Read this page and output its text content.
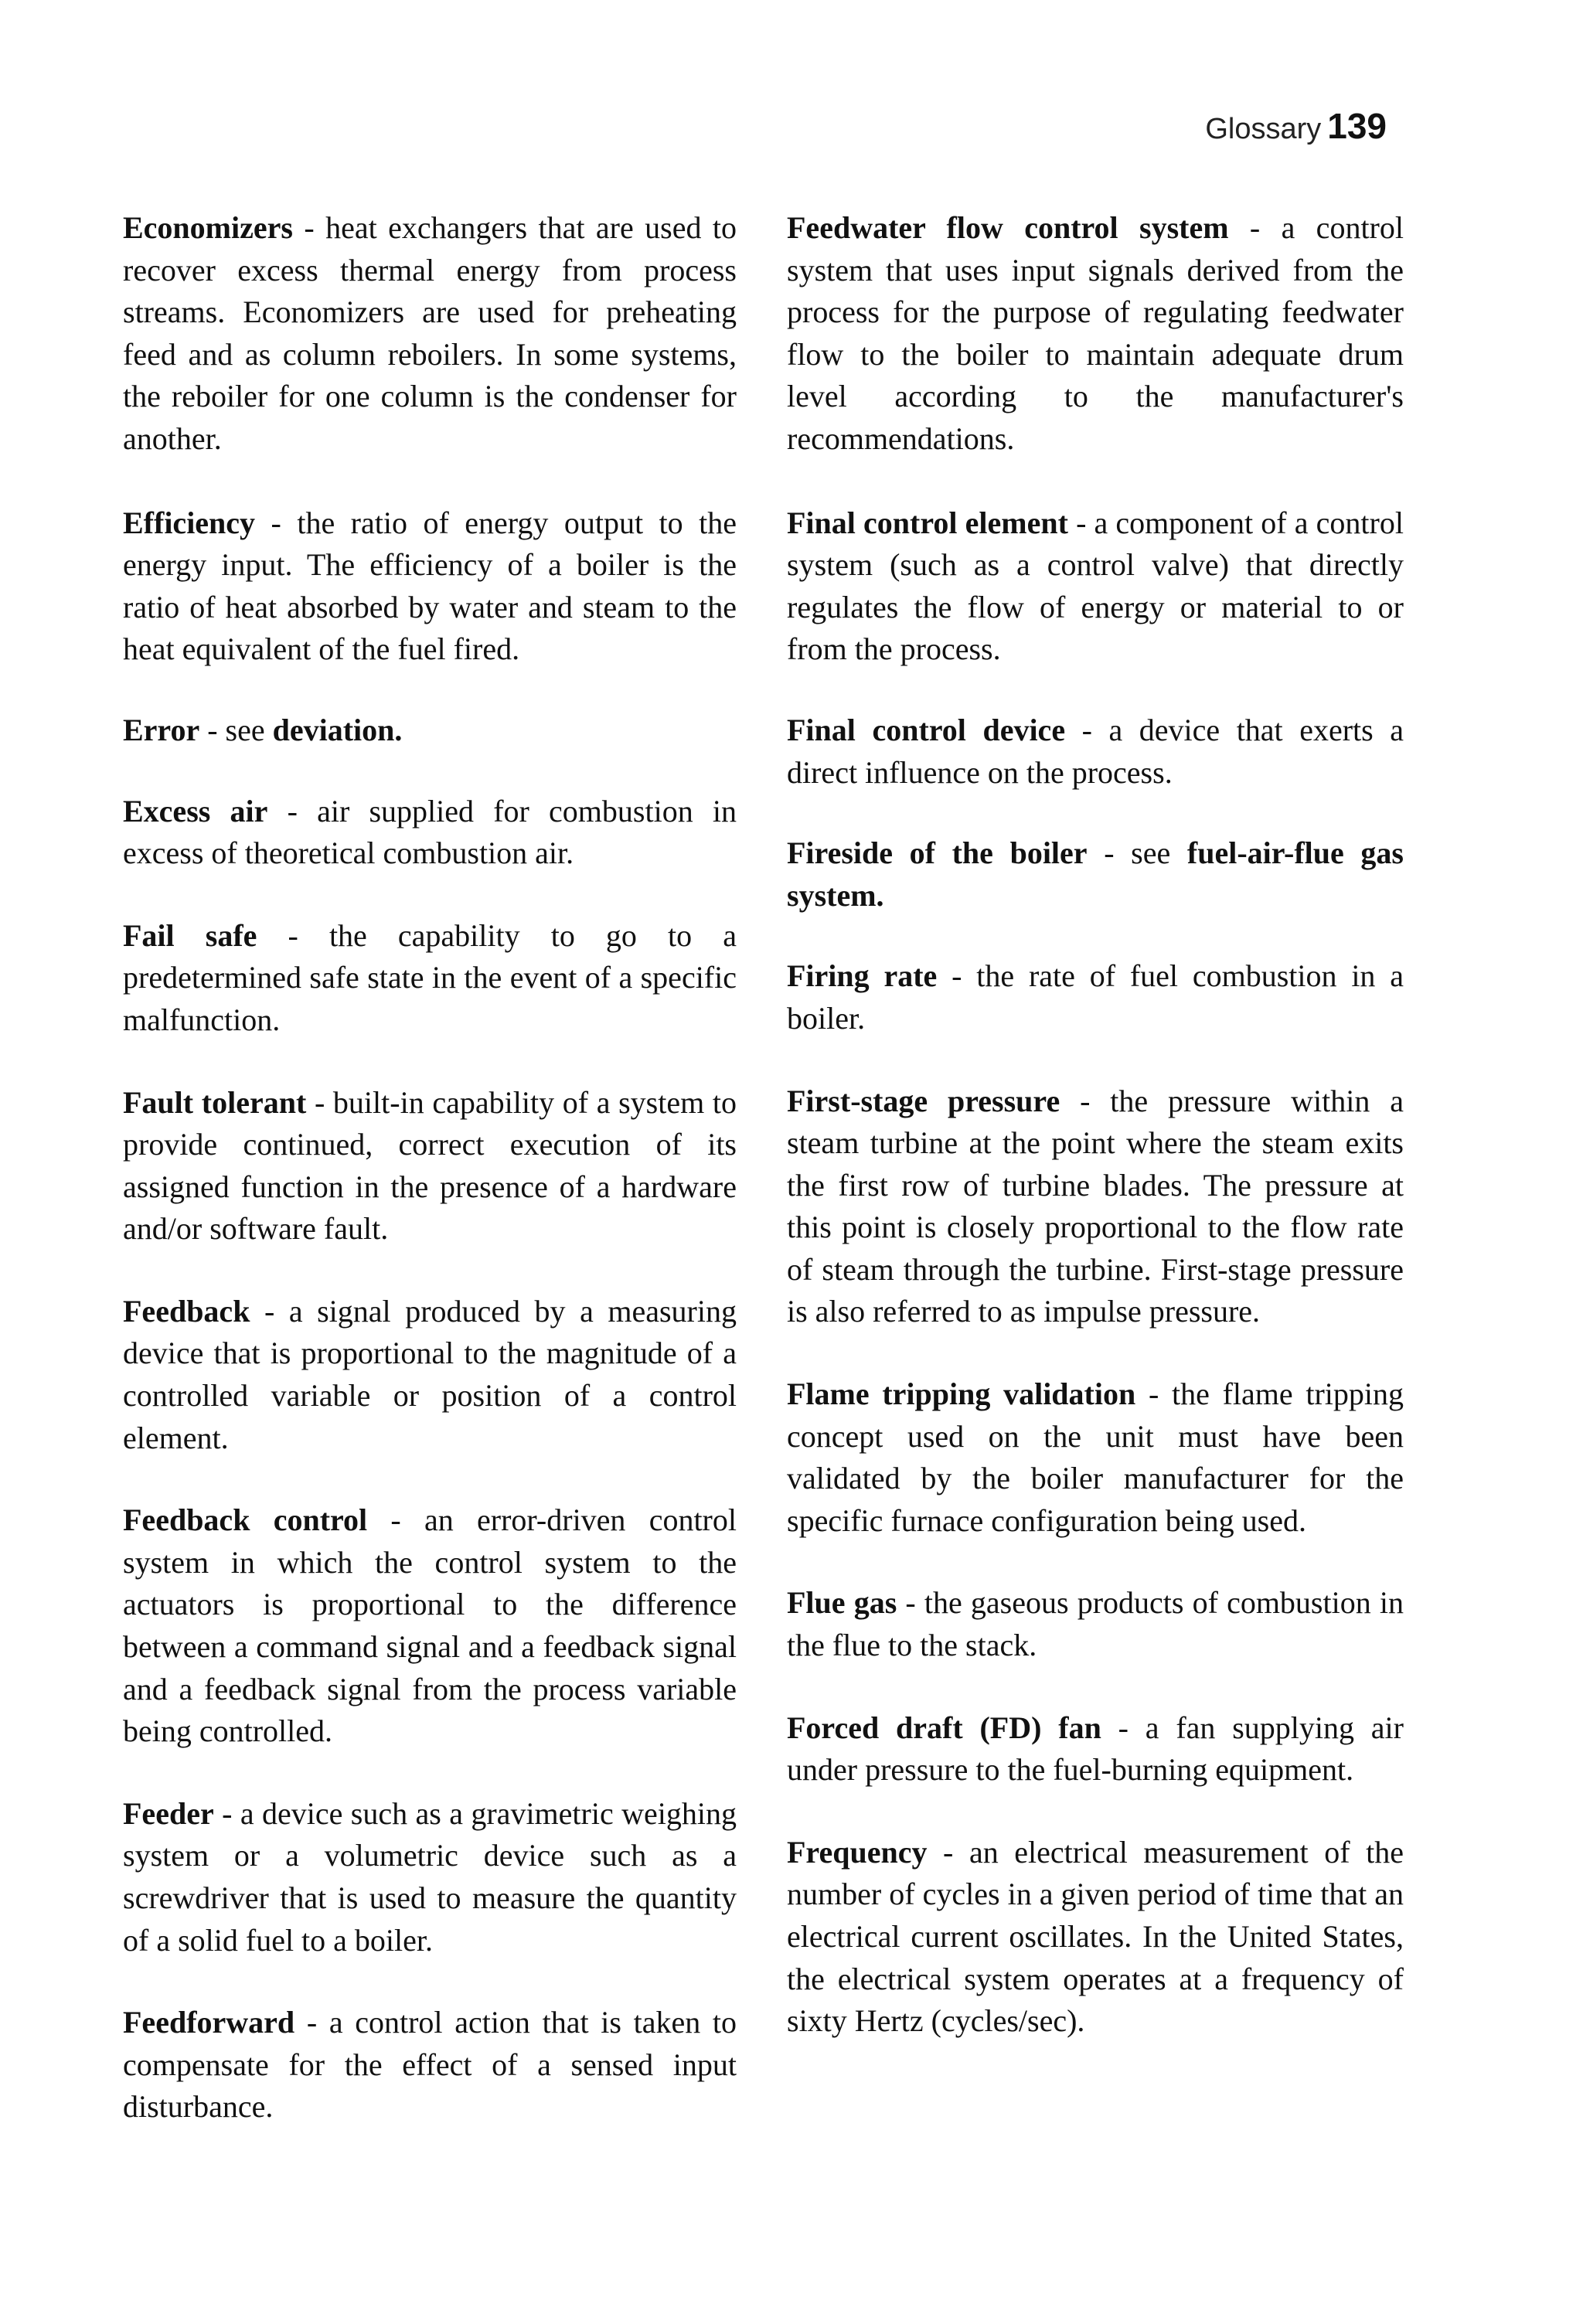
Glossary 139

Economizers - heat exchangers that are used to recover excess thermal energy from process streams. Economizers are used for preheating feed and as column reboilers. In some systems, the reboiler for one column is the condenser for another.

Efficiency - the ratio of energy output to the energy input. The efficiency of a boiler is the ratio of heat absorbed by water and steam to the heat equivalent of the fuel fired.

Error - see deviation.

Excess air - air supplied for combustion in excess of theoretical combustion air.

Fail safe - the capability to go to a predetermined safe state in the event of a specific malfunction.

Fault tolerant - built-in capability of a system to provide continued, correct execution of its assigned function in the presence of a hardware and/or software fault.

Feedback - a signal produced by a measuring device that is proportional to the magnitude of a controlled variable or position of a control element.

Feedback control - an error-driven control system in which the control system to the actuators is proportional to the difference between a command signal and a feedback signal and a feedback signal from the process variable being controlled.

Feeder - a device such as a gravimetric weighing system or a volumetric device such as a screwdriver that is used to measure the quantity of a solid fuel to a boiler.

Feedforward - a control action that is taken to compensate for the effect of a sensed input disturbance.

Feedwater flow control system - a control system that uses input signals derived from the process for the purpose of regulating feedwater flow to the boiler to maintain adequate drum level according to the manufacturer's recommendations.

Final control element - a component of a control system (such as a control valve) that directly regulates the flow of energy or material to or from the process.

Final control device - a device that exerts a direct influence on the process.

Fireside of the boiler - see fuel-air-flue gas system.

Firing rate - the rate of fuel combustion in a boiler.

First-stage pressure - the pressure within a steam turbine at the point where the steam exits the first row of turbine blades. The pressure at this point is closely proportional to the flow rate of steam through the turbine. First-stage pressure is also referred to as impulse pressure.

Flame tripping validation - the flame tripping concept used on the unit must have been validated by the boiler manufacturer for the specific furnace configuration being used.

Flue gas - the gaseous products of combustion in the flue to the stack.

Forced draft (FD) fan - a fan supplying air under pressure to the fuel-burning equipment.

Frequency - an electrical measurement of the number of cycles in a given period of time that an electrical current oscillates. In the United States, the electrical system operates at a frequency of sixty Hertz (cycles/sec).
